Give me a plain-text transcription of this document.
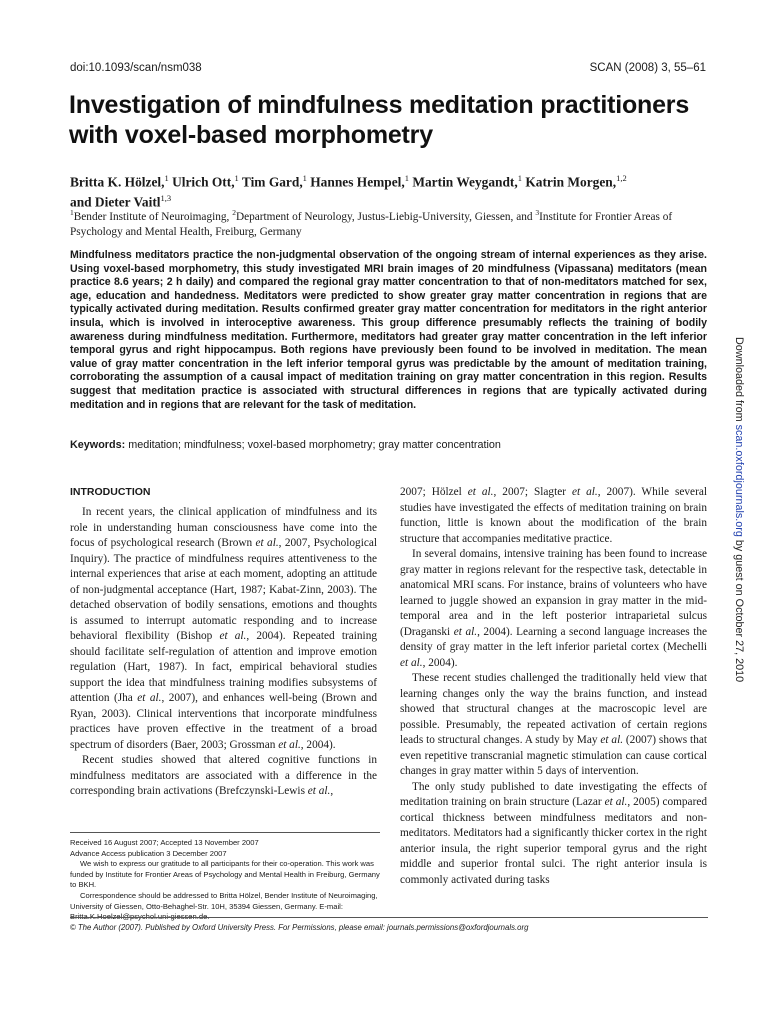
doi:10.1093/scan/nsm038	SCAN (2008) 3, 55–61
Investigation of mindfulness meditation practitioners with voxel-based morphometry
Britta K. Hölzel,$^1$ Ulrich Ott,$^1$ Tim Gard,$^1$ Hannes Hempel,$^1$ Martin Weygandt,$^1$ Katrin Morgen,$^{1,2}$
and Dieter Vaitl$^{1,3}$
$^1$Bender Institute of Neuroimaging, $^2$Department of Neurology, Justus-Liebig-University, Giessen, and $^3$Institute for Frontier Areas of Psychology and Mental Health, Freiburg, Germany

Mindfulness meditators practice the non-judgmental observation of the ongoing stream of internal experiences as they arise. Using voxel-based morphometry, this study investigated MRI brain images of 20 mindfulness (Vipassana) meditators (mean practice 8.6 years; 2 h daily) and compared the regional gray matter concentration to that of non-meditators matched for sex, age, education and handedness. Meditators were predicted to show greater gray matter concentration in regions that are typically activated during meditation. Results confirmed greater gray matter concentration for meditators in the right anterior insula, which is involved in interoceptive awareness. This group difference presumably reflects the training of bodily awareness during mindfulness meditation. Furthermore, meditators had greater gray matter concentration in the left inferior temporal gyrus and right hippocampus. Both regions have previously been found to be involved in meditation. The mean value of gray matter concentration in the left inferior temporal gyrus was predictable by the amount of meditation training, corroborating the assumption of a causal impact of meditation training on gray matter concentration in this region. Results suggest that meditation practice is associated with structural differences in regions that are typically activated during meditation and in regions that are relevant for the task of meditation.

Keywords: meditation; mindfulness; voxel-based morphometry; gray matter concentration
INTRODUCTION

In recent years, the clinical application of mindfulness and its role in understanding human consciousness have come into the focus of psychological research (Brown et al., 2007, Psychological Inquiry). The practice of mindfulness requires attentiveness to the internal experiences that arise at each moment, adopting an attitude of non-judgmental acceptance (Hart, 1987; Kabat-Zinn, 2003). The detached observation of bodily sensations, emotions and thoughts is assumed to interrupt automatic responding and to increase behavioral flexibility (Bishop et al., 2004). Repeated training should facilitate self-regulation of attention and improve emotion regulation (Hart, 1987). In fact, empirical behavioral studies support the idea that mindfulness training modifies subsystems of attention (Jha et al., 2007), and enhances well-being (Brown and Ryan, 2003). Clinical interventions that incorporate mindfulness practices have proven effective in the treatment of a broad spectrum of disorders (Baer, 2003; Grossman et al., 2004).

Recent studies showed that altered cognitive functions in mindfulness meditators are associated with a difference in the corresponding brain activations (Brefczynski-Lewis et al.,

2007; Hölzel et al., 2007; Slagter et al., 2007). While several studies have investigated the effects of meditation training on brain function, little is known about the modification of the brain structure that accompanies meditative practice.

In several domains, intensive training has been found to increase gray matter in regions relevant for the respective task, detectable in anatomical MRI scans. For instance, brains of volunteers who have learned to juggle showed an expansion in gray matter in the mid-temporal area and in the left posterior intraparietal sulcus (Draganski et al., 2004). Learning a second language increases the density of gray matter in the left inferior parietal cortex (Mechelli et al., 2004).

These recent studies challenged the traditionally held view that learning changes only the way the brains function, and instead showed that structural changes at the macroscopic level are possible. Presumably, the repeated activation of certain regions leads to structural changes. A study by May et al. (2007) shows that even repetitive transcranial magnetic stimulation can cause cortical changes in gray matter within 5 days of intervention.

The only study published to date investigating the effects of meditation training on brain structure (Lazar et al., 2005) compared cortical thickness between mindfulness meditators and non-meditators. Meditators had a significantly thicker cortex in the right anterior insula, the right superior temporal gyrus and the right middle and superior frontal sulci. The right anterior insula is commonly activated during tasks

Received 16 August 2007; Accepted 13 November 2007

Advance Access publication 3 December 2007

We wish to express our gratitude to all participants for their co-operation. This work was funded by Institute for Frontier Areas of Psychology and Mental Health in Freiburg, Germany to BKH.

Correspondence should be addressed to Britta Hölzel, Bender Institute of Neuroimaging, University of Giessen, Otto-Behaghel-Str. 10H, 35394 Giessen, Germany. E-mail: Britta.K.Hoelzel@psychol.uni-giessen.de.

© The Author (2007). Published by Oxford University Press. For Permissions, please email: journals.permissions@oxfordjournals.org
Downloaded from scan.oxfordjournals.org by guest on October 27, 2010
